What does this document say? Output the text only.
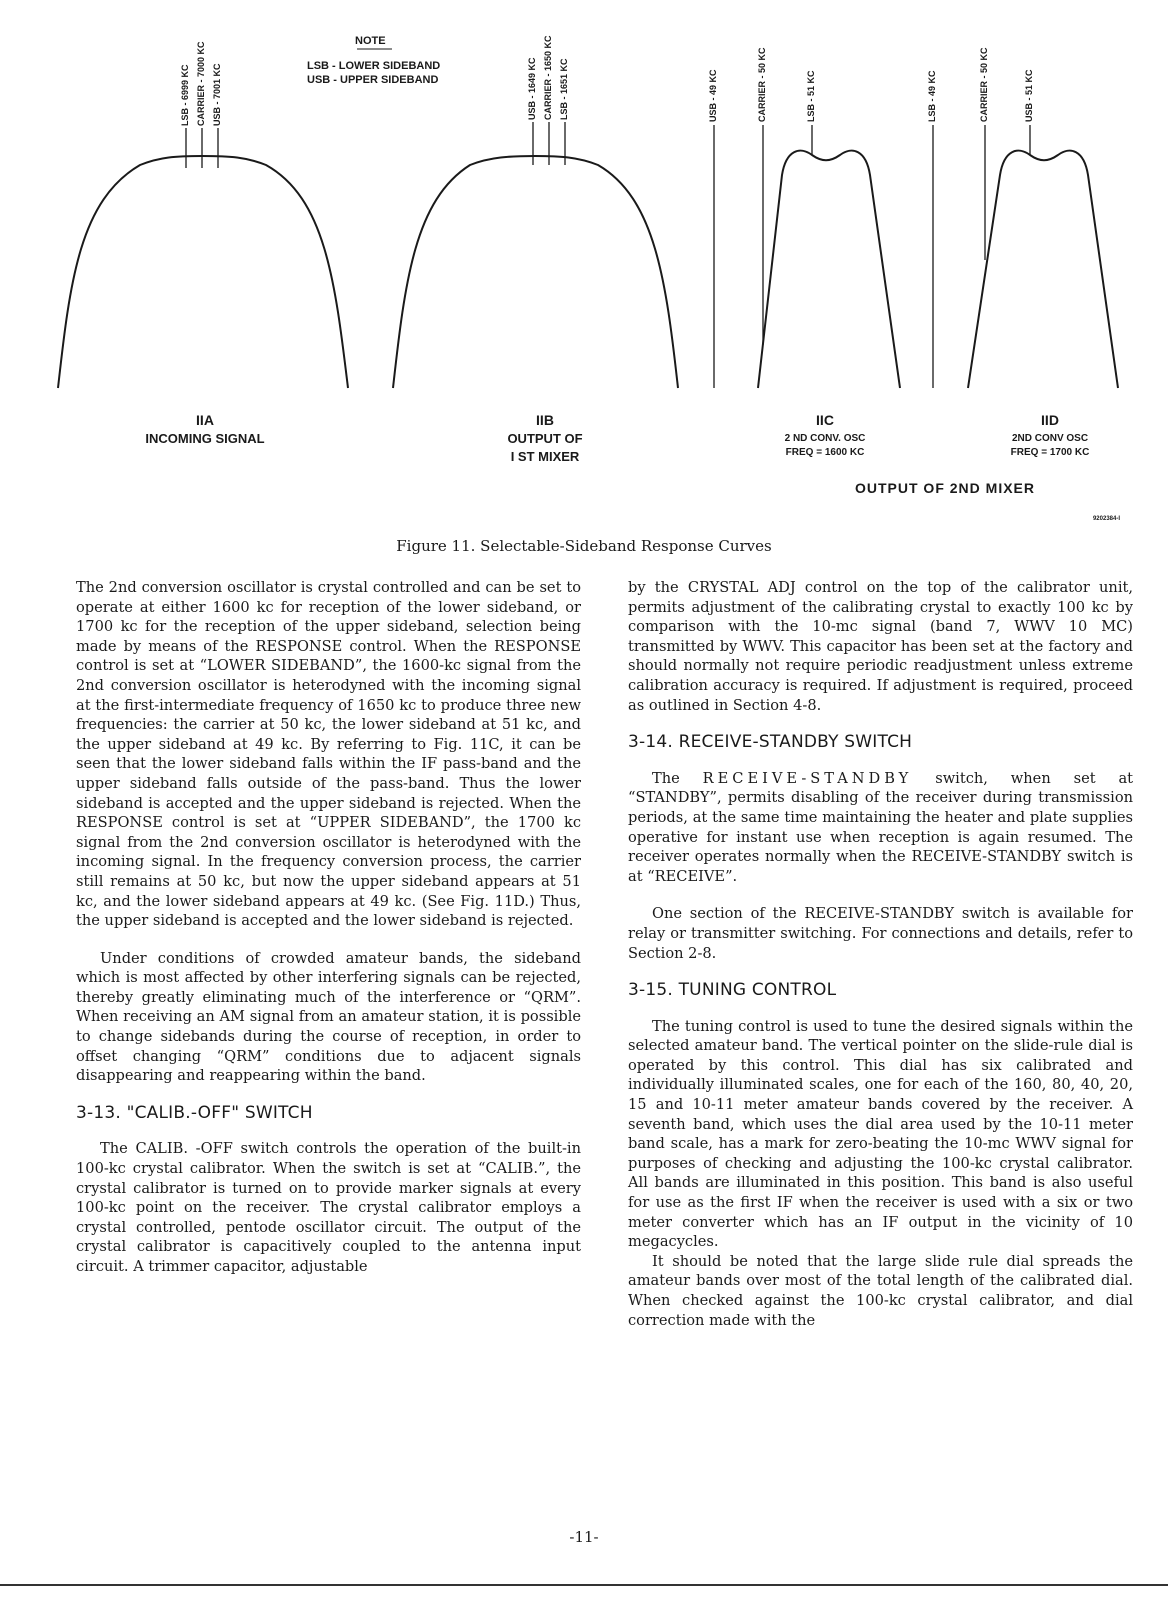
NOTE
LSB - LOWER SIDEBAND
USB - UPPER SIDEBAND
LSB - 6999 KC CARRIER - 7000 KC USB - 7001 KC	USB - 1649 KC CARRIER - 1650 KC LSB - 1651 KC	USB - 49 KC	CARRIER - 50 KC	LSB - 51 KC	LSB - 49 KC	CARRIER - 50 KC	USB - 51 KC
IIA
INCOMING SIGNAL
IIB
OUTPUT OF
I ST MIXER
IIC
2 ND CONV. OSC
FREQ = 1600 KC
IID
2ND CONV OSC
FREQ = 1700 KC
OUTPUT OF 2ND MIXER
9202384-I
Figure 11. Selectable-Sideband Response Curves

The 2nd conversion oscillator is crystal controlled and can be set to operate at either 1600 kc for reception of the lower sideband, or 1700 kc for the reception of the upper sideband, selection being made by means of the RESPONSE control. When the RESPONSE control is set at “LOWER SIDEBAND”, the 1600-kc signal from the 2nd conversion oscillator is heterodyned with the incoming signal at the first-intermediate frequency of 1650 kc to produce three new frequencies: the carrier at 50 kc, the lower sideband at 51 kc, and the upper sideband at 49 kc. By referring to Fig. 11C, it can be seen that the lower sideband falls within the IF pass-band and the upper sideband falls outside of the pass-band. Thus the lower sideband is accepted and the upper sideband is rejected. When the RESPONSE control is set at “UPPER SIDEBAND”, the 1700 kc signal from the 2nd conversion oscillator is heterodyned with the incoming signal. In the frequency conversion process, the carrier still remains at 50 kc, but now the upper sideband appears at 51 kc, and the lower sideband appears at 49 kc. (See Fig. 11D.) Thus, the upper sideband is accepted and the lower sideband is rejected.

Under conditions of crowded amateur bands, the sideband which is most affected by other interfering signals can be rejected, thereby greatly eliminating much of the interference or “QRM”. When receiving an AM signal from an amateur station, it is possible to change sidebands during the course of reception, in order to offset changing “QRM” conditions due to adjacent signals disappearing and reappearing within the band.

3-13. "CALIB.-OFF" SWITCH

The CALIB. -OFF switch controls the operation of the built-in 100-kc crystal calibrator. When the switch is set at “CALIB.”, the crystal calibrator is turned on to provide marker signals at every 100-kc point on the receiver. The crystal calibrator employs a crystal controlled, pentode oscillator circuit. The output of the crystal calibrator is capacitively coupled to the antenna input circuit. A trimmer capacitor, adjustable

by the CRYSTAL ADJ control on the top of the calibrator unit, permits adjustment of the calibrating crystal to exactly 100 kc by comparison with the 10-mc signal (band 7, WWV 10 MC) transmitted by WWV. This capacitor has been set at the factory and should normally not require periodic readjustment unless extreme calibration accuracy is required. If adjustment is required, proceed as outlined in Section 4-8.

3-14. RECEIVE-STANDBY SWITCH

The RECEIVE-STANDBY switch, when set at “STANDBY”, permits disabling of the receiver during transmission periods, at the same time maintaining the heater and plate supplies operative for instant use when reception is again resumed. The receiver operates normally when the RECEIVE-STANDBY switch is at “RECEIVE”.

One section of the RECEIVE-STANDBY switch is available for relay or transmitter switching. For connections and details, refer to Section 2-8.

3-15. TUNING CONTROL

The tuning control is used to tune the desired signals within the selected amateur band. The vertical pointer on the slide-rule dial is operated by this control. This dial has six calibrated and individually illuminated scales, one for each of the 160, 80, 40, 20, 15 and 10-11 meter amateur bands covered by the receiver. A seventh band, which uses the dial area used by the 10-11 meter band scale, has a mark for zero-beating the 10-mc WWV signal for purposes of checking and adjusting the 100-kc crystal calibrator. All bands are illuminated in this position. This band is also useful for use as the first IF when the receiver is used with a six or two meter converter which has an IF output in the vicinity of 10 megacycles.

It should be noted that the large slide rule dial spreads the amateur bands over most of the total length of the calibrated dial. When checked against the 100-kc crystal calibrator, and dial correction made with the

-11-
